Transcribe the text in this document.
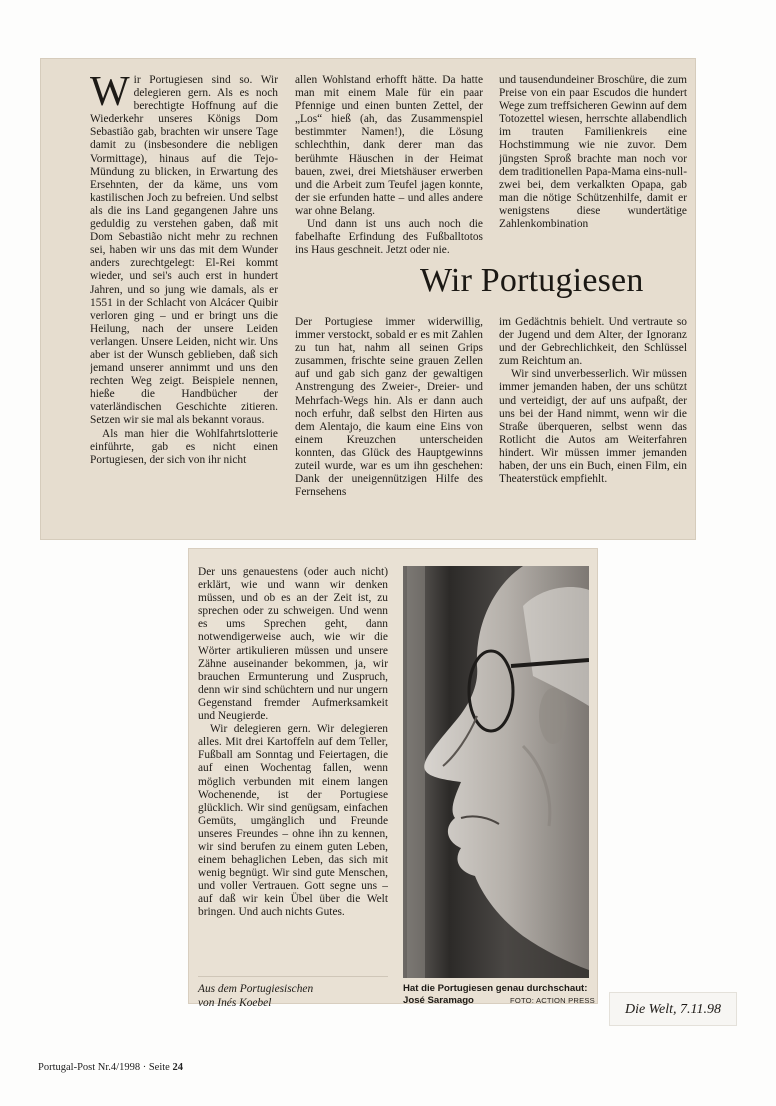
Wir Portugiesen sind so. Wir delegieren gern. Als es noch berechtigte Hoffnung auf die Wiederkehr unseres Königs Dom Sebastião gab, brachten wir unsere Tage damit zu (insbesondere die nebligen Vormittage), hinaus auf die Tejo-Mündung zu blicken, in Erwartung des Ersehnten, der da käme, uns vom kastilischen Joch zu befreien. Und selbst als die ins Land gegangenen Jahre uns geduldig zu verstehen gaben, daß mit Dom Sebastião nicht mehr zu rechnen sei, haben wir uns das mit dem Wunder anders zurechtgelegt: El-Rei kommt wieder, und sei's auch erst in hundert Jahren, und so jung wie damals, als er 1551 in der Schlacht von Alcácer Quibir verloren ging – und er bringt uns die Heilung, nach der unsere Leiden verlangen. Unsere Leiden, nicht wir. Uns aber ist der Wunsch geblieben, daß sich jemand unserer annimmt und uns den rechten Weg zeigt. Beispiele nennen, hieße die Handbücher der vaterländischen Geschichte zitieren. Setzen wir sie mal als bekannt voraus.

Als man hier die Wohlfahrtslotterie einführte, gab es nicht einen Portugiesen, der sich von ihr nicht

allen Wohlstand erhofft hätte. Da hatte man mit einem Male für ein paar Pfennige und einen bunten Zettel, der „Los“ hieß (ah, das Zusammenspiel bestimmter Namen!), die Lösung schlechthin, dank derer man das berühmte Häuschen in der Heimat bauen, zwei, drei Mietshäuser erwerben und die Arbeit zum Teufel jagen konnte, der sie erfunden hatte – und alles andere war ohne Belang.

Und dann ist uns auch noch die fabelhafte Erfindung des Fußballtotos ins Haus geschneit. Jetzt oder nie.

Der Portugiese immer widerwillig, immer verstockt, sobald er es mit Zahlen zu tun hat, nahm all seinen Grips zusammen, frischte seine grauen Zellen auf und gab sich ganz der gewaltigen Anstrengung des Zweier-, Dreier- und Mehrfach-Wegs hin. Als er dann auch noch erfuhr, daß selbst den Hirten aus dem Alentajo, die kaum eine Eins von einem Kreuzchen unterscheiden konnten, das Glück des Hauptgewinns zuteil wurde, war es um ihn geschehen: Dank der uneigennützigen Hilfe des Fernsehens

und tausendundeiner Broschüre, die zum Preise von ein paar Escudos die hundert Wege zum treffsicheren Gewinn auf dem Totozettel wiesen, herrschte allabendlich im trauten Familienkreis eine Hochstimmung wie nie zuvor. Dem jüngsten Sproß brachte man noch vor dem traditionellen Papa-Mama eins-null-zwei bei, dem verkalkten Opapa, gab man die nötige Schützenhilfe, damit er wenigstens diese wundertätige Zahlenkombination

Wir Portugiesen

im Gedächtnis behielt. Und vertraute so der Jugend und dem Alter, der Ignoranz und der Gebrechlichkeit, den Schlüssel zum Reichtum an.

Wir sind unverbesserlich. Wir müssen immer jemanden haben, der uns schützt und verteidigt, der auf uns aufpaßt, der uns bei der Hand nimmt, wenn wir die Straße überqueren, selbst wenn das Rotlicht die Autos am Weiterfahren hindert. Wir müssen immer jemanden haben, der uns ein Buch, einen Film, ein Theaterstück empfiehlt.

Der uns genauestens (oder auch nicht) erklärt, wie und wann wir denken müssen, und ob es an der Zeit ist, zu sprechen oder zu schweigen. Und wenn es ums Sprechen geht, dann notwendigerweise auch, wie wir die Wörter artikulieren müssen und unsere Zähne auseinander bekommen, ja, wir brauchen Ermunterung und Zuspruch, denn wir sind schüchtern und nur ungern Gegenstand fremder Aufmerksamkeit und Neugierde.

Wir delegieren gern. Wir delegieren alles. Mit drei Kartoffeln auf dem Teller, Fußball am Sonntag und Feiertagen, die auf einen Wochentag fallen, wenn möglich verbunden mit einem langen Wochenende, ist der Portugiese glücklich. Wir sind genügsam, einfachen Gemüts, umgänglich und Freunde unseres Freundes – ohne ihn zu kennen, wir sind berufen zu einem guten Leben, einem behaglichen Leben, das sich mit wenig begnügt. Wir sind gute Menschen, und voller Vertrauen. Gott segne uns – auf daß wir kein Übel über die Welt bringen. Und auch nichts Gutes.

Aus dem Portugiesischen
von Inés Koebel
Hat die Portugiesen genau durchschaut:
José Saramago	FOTO: ACTION PRESS
Die Welt, 7.11.98
Portugal-Post Nr.4/1998 · Seite 24
